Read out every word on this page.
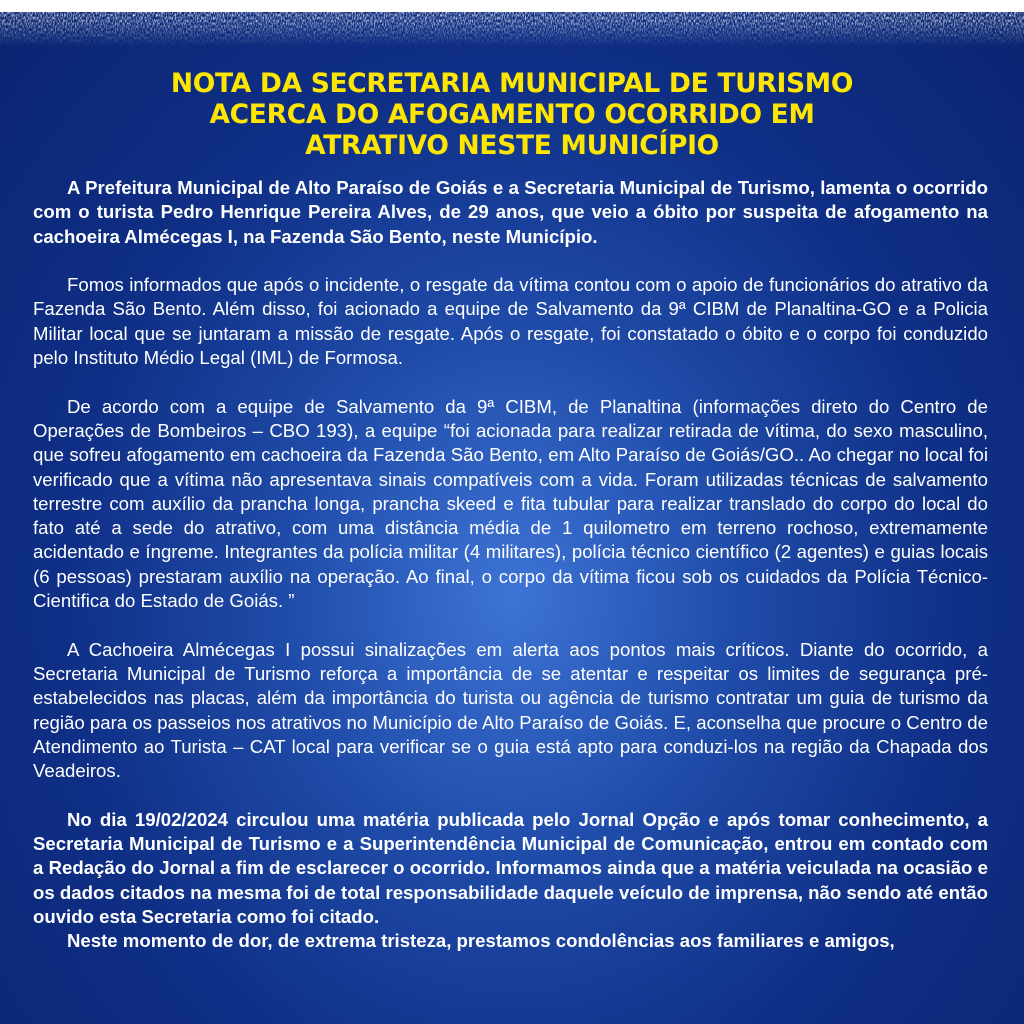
NOTA DA SECRETARIA MUNICIPAL DE TURISMO
ACERCA DO AFOGAMENTO OCORRIDO EM
ATRATIVO NESTE MUNICÍPIO

A Prefeitura Municipal de Alto Paraíso de Goiás e a Secretaria Municipal de Turismo, lamenta o ocorrido com o turista Pedro Henrique Pereira Alves, de 29 anos, que veio a óbito por suspeita de afogamento na cachoeira Almécegas I, na Fazenda São Bento, neste Município.

Fomos informados que após o incidente, o resgate da vítima contou com o apoio de funcionários do atrativo da Fazenda São Bento. Além disso, foi acionado a equipe de Salvamento da 9ª CIBM de Planaltina-GO e a Policia Militar local que se juntaram a missão de resgate. Após o resgate, foi constatado o óbito e o corpo foi conduzido pelo Instituto Médio Legal (IML) de Formosa.

De acordo com a equipe de Salvamento da 9ª CIBM, de Planaltina (informações direto do Centro de Operações de Bombeiros – CBO 193), a equipe “foi acionada para realizar retirada de vítima, do sexo masculino, que sofreu afogamento em cachoeira da Fazenda São Bento, em Alto Paraíso de Goiás/GO.. Ao chegar no local foi verificado que a vítima não apresentava sinais compatíveis com a vida. Foram utilizadas técnicas de salvamento terrestre com auxílio da prancha longa, prancha skeed e fita tubular para realizar translado do corpo do local do fato até a sede do atrativo, com uma distância média de 1 quilometro em terreno rochoso, extremamente acidentado e íngreme. Integrantes da polícia militar (4 militares), polícia técnico científico (2 agentes) e guias locais (6 pessoas) prestaram auxílio na operação. Ao final, o corpo da vítima ficou sob os cuidados da Polícia Técnico-Cientifica do Estado de Goiás. ”

A Cachoeira Almécegas I possui sinalizações em alerta aos pontos mais críticos. Diante do ocorrido, a Secretaria Municipal de Turismo reforça a importância de se atentar e respeitar os limites de segurança pré-estabelecidos nas placas, além da importância do turista ou agência de turismo contratar um guia de turismo da região para os passeios nos atrativos no Município de Alto Paraíso de Goiás. E, aconselha que procure o Centro de Atendimento ao Turista – CAT local para verificar se o guia está apto para conduzi-los na região da Chapada dos Veadeiros.

No dia 19/02/2024 circulou uma matéria publicada pelo Jornal Opção e após tomar conhecimento, a Secretaria Municipal de Turismo e a Superintendência Municipal de Comunicação, entrou em contado com a Redação do Jornal a fim de esclarecer o ocorrido. Informamos ainda que a matéria veiculada na ocasião e os dados citados na mesma foi de total responsabilidade daquele veículo de imprensa, não sendo até então ouvido esta Secretaria como foi citado.

Neste momento de dor, de extrema tristeza, prestamos condolências aos familiares e amigos,
